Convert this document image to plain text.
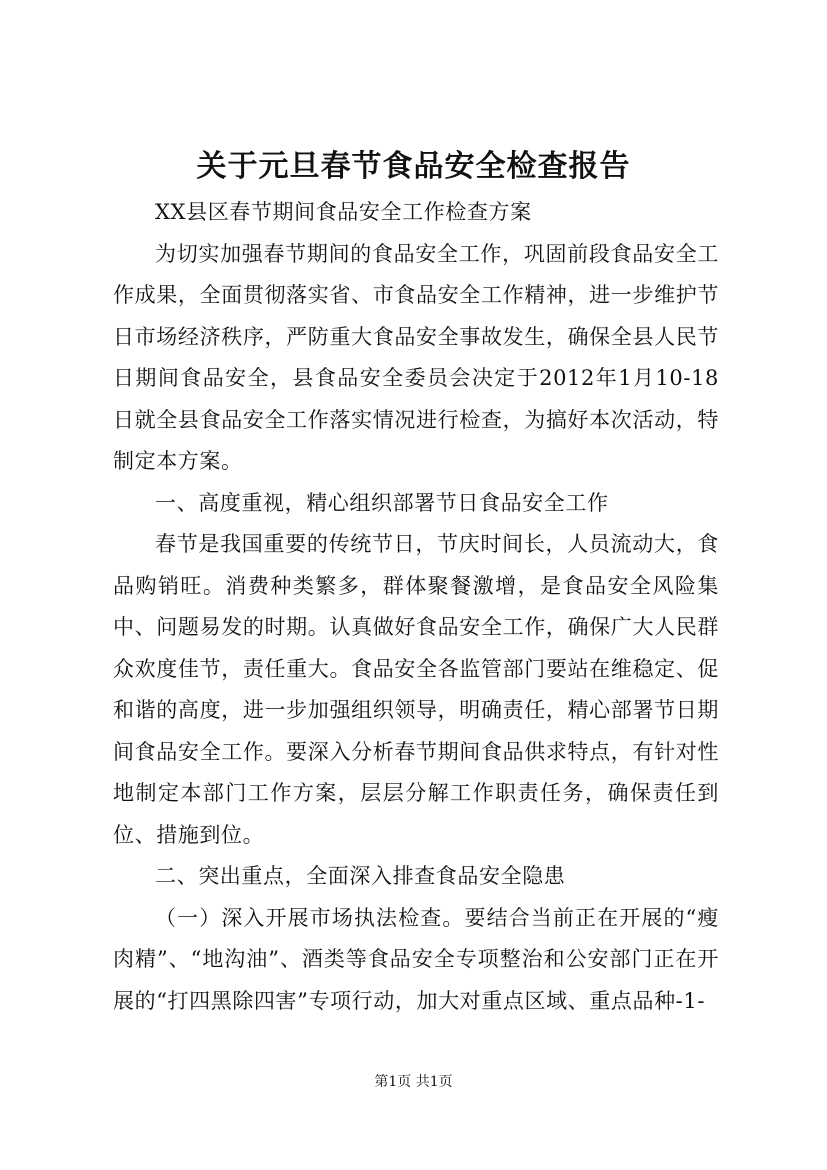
关于元旦春节食品安全检查报告

XX县区春节期间食品安全工作检查方案

为切实加强春节期间的食品安全工作，巩固前段食品安全工作成果，全面贯彻落实省、市食品安全工作精神，进一步维护节日市场经济秩序，严防重大食品安全事故发生，确保全县人民节日期间食品安全，县食品安全委员会决定于2012年1月10-18日就全县食品安全工作落实情况进行检查，为搞好本次活动，特制定本方案。

一、高度重视，精心组织部署节日食品安全工作

春节是我国重要的传统节日，节庆时间长，人员流动大，食品购销旺。消费种类繁多，群体聚餐激增，是食品安全风险集中、问题易发的时期。认真做好食品安全工作，确保广大人民群众欢度佳节，责任重大。食品安全各监管部门要站在维稳定、促和谐的高度，进一步加强组织领导，明确责任，精心部署节日期间食品安全工作。要深入分析春节期间食品供求特点，有针对性地制定本部门工作方案，层层分解工作职责任务，确保责任到位、措施到位。

二、突出重点，全面深入排查食品安全隐患

（一）深入开展市场执法检查。要结合当前正在开展的“瘦肉精”、“地沟油”、酒类等食品安全专项整治和公安部门正在开展的“打四黑除四害”专项行动，加大对重点区域、重点品种-1-

第1页 共1页
